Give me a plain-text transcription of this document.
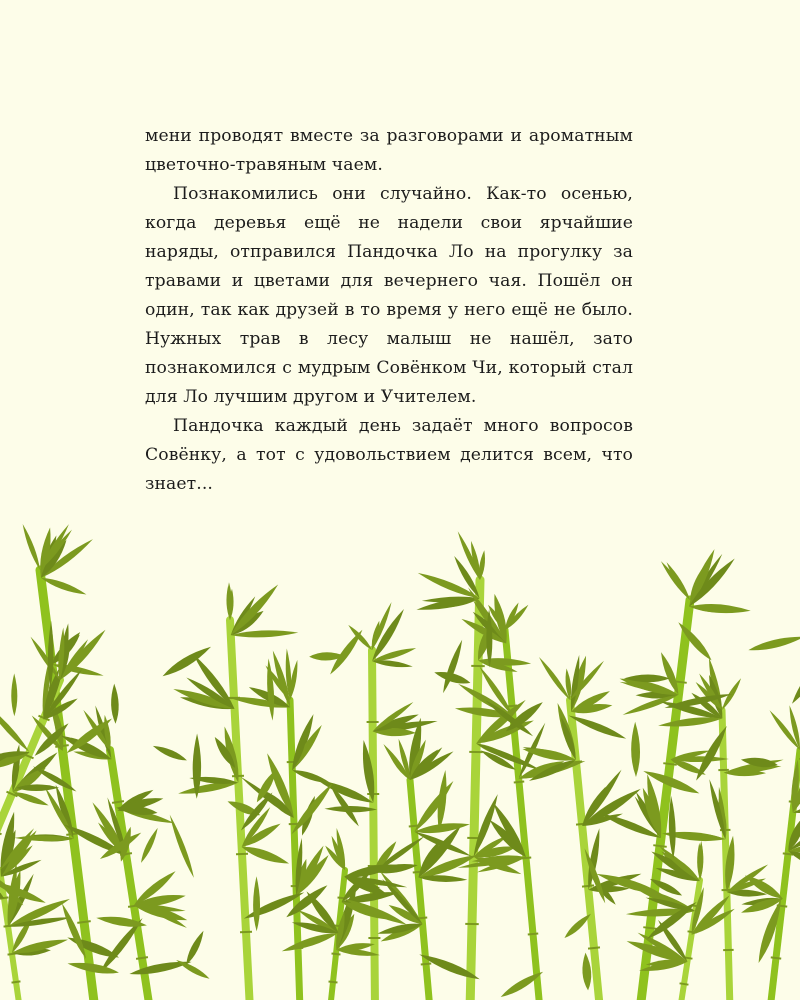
мени проводят вместе за разговорами и ароматным цветочно-травяным чаем.

Познакомились они случайно. Как-то осенью, когда деревья ещё не надели свои ярчайшие наряды, отправился Пандочка Ло на прогулку за травами и цветами для вечернего чая. Пошёл он один, так как друзей в то время у него ещё не было. Нужных трав в лесу малыш не нашёл, зато познакомился с мудрым Совёнком Чи, который стал для Ло лучшим другом и Учителем.

Пандочка каждый день задаёт много вопросов Совёнку, а тот с удовольствием делится всем, что знает...
